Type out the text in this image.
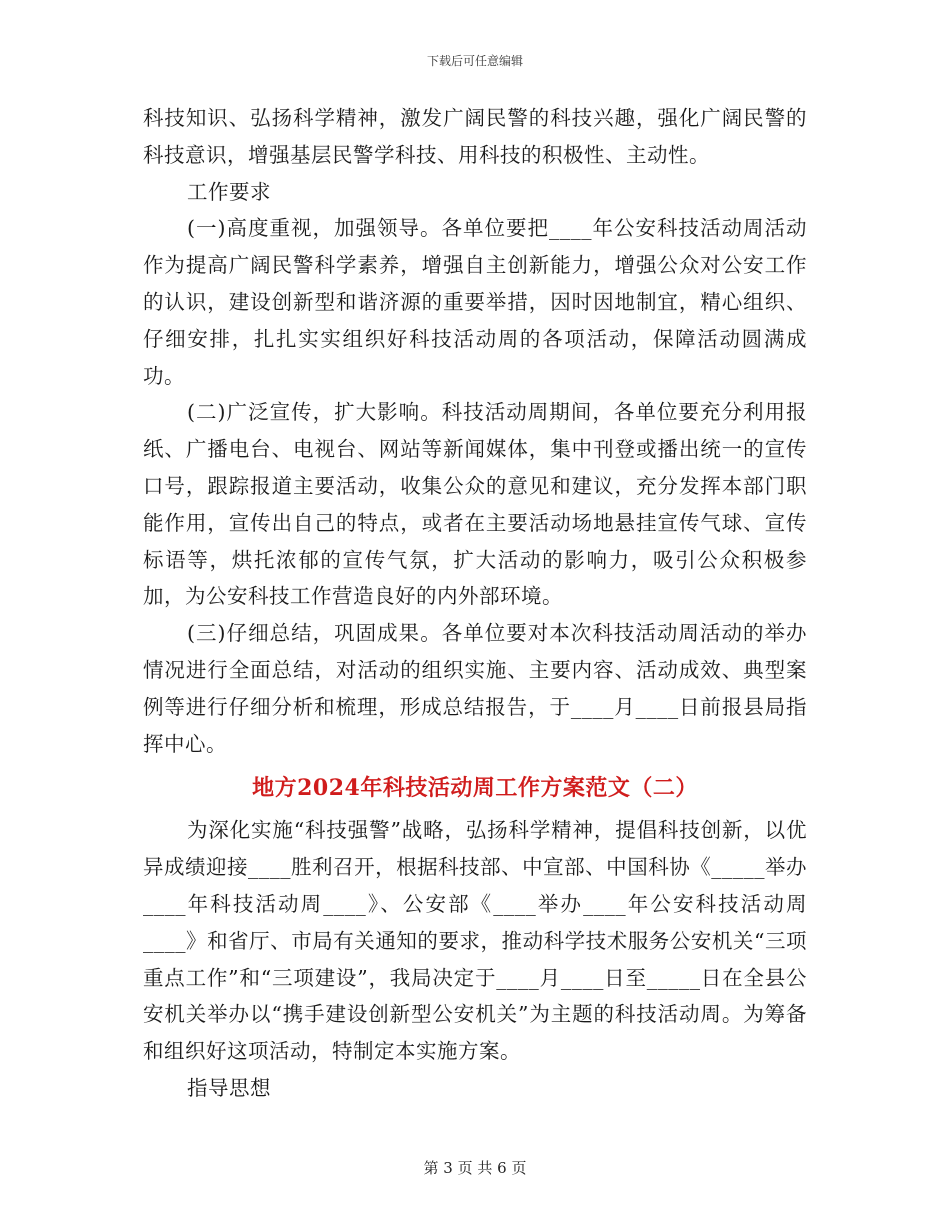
下载后可任意编辑

科技知识、弘扬科学精神，激发广阔民警的科技兴趣，强化广阔民警的科技意识，增强基层民警学科技、用科技的积极性、主动性。

工作要求

(一)高度重视，加强领导。各单位要把____年公安科技活动周活动作为提高广阔民警科学素养，增强自主创新能力，增强公众对公安工作的认识，建设创新型和谐济源的重要举措，因时因地制宜，精心组织、仔细安排，扎扎实实组织好科技活动周的各项活动，保障活动圆满成功。

(二)广泛宣传，扩大影响。科技活动周期间，各单位要充分利用报纸、广播电台、电视台、网站等新闻媒体，集中刊登或播出统一的宣传口号，跟踪报道主要活动，收集公众的意见和建议，充分发挥本部门职能作用，宣传出自己的特点，或者在主要活动场地悬挂宣传气球、宣传标语等，烘托浓郁的宣传气氛，扩大活动的影响力，吸引公众积极参加，为公安科技工作营造良好的内外部环境。

(三)仔细总结，巩固成果。各单位要对本次科技活动周活动的举办情况进行全面总结，对活动的组织实施、主要内容、活动成效、典型案例等进行仔细分析和梳理，形成总结报告，于____月____日前报县局指挥中心。

地方2024年科技活动周工作方案范文（二）

为深化实施“科技强警”战略，弘扬科学精神，提倡科技创新，以优异成绩迎接____胜利召开，根据科技部、中宣部、中国科协《_____举办____年科技活动周____》、公安部《____举办____年公安科技活动周____》和省厅、市局有关通知的要求，推动科学技术服务公安机关“三项重点工作”和“三项建设”，我局决定于____月____日至_____日在全县公安机关举办以“携手建设创新型公安机关”为主题的科技活动周。为筹备和组织好这项活动，特制定本实施方案。

指导思想

第 3 页 共 6 页
